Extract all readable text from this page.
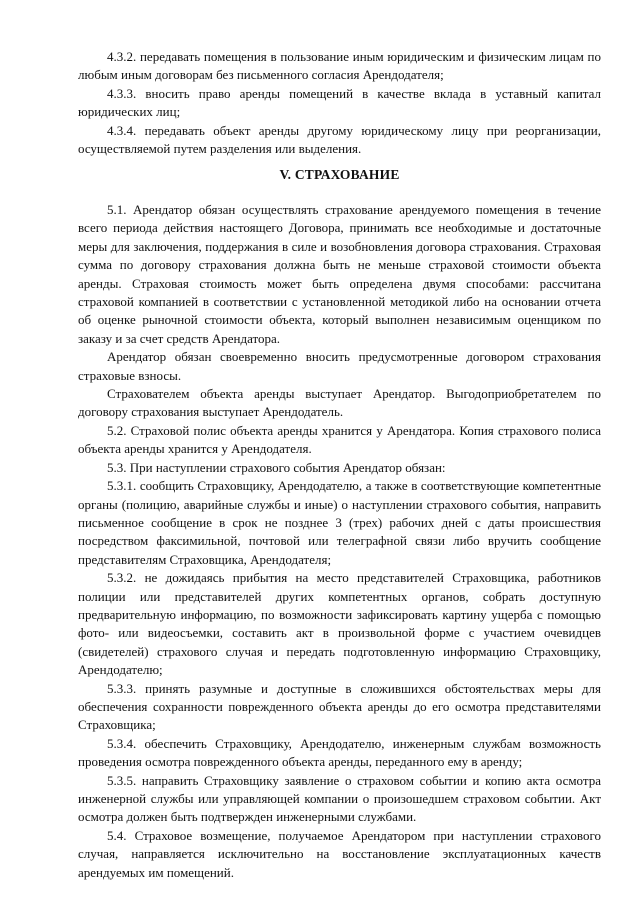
4.3.2. передавать помещения в пользование иным юридическим и физическим лицам по любым иным договорам без письменного согласия Арендодателя;

4.3.3. вносить право аренды помещений в качестве вклада в уставный капитал юридических лиц;

4.3.4. передавать объект аренды другому юридическому лицу при реорганизации, осуществляемой путем разделения или выделения.

V. СТРАХОВАНИЕ

5.1. Арендатор обязан осуществлять страхование арендуемого помещения в течение всего периода действия настоящего Договора, принимать все необходимые и достаточные меры для заключения, поддержания в силе и возобновления договора страхования. Страховая сумма по договору страхования должна быть не меньше страховой стоимости объекта аренды. Страховая стоимость может быть определена двумя способами: рассчитана страховой компанией в соответствии с установленной методикой либо на основании отчета об оценке рыночной стоимости объекта, который выполнен независимым оценщиком по заказу и за счет средств Арендатора.

Арендатор обязан своевременно вносить предусмотренные договором страхования страховые взносы.

Страхователем объекта аренды выступает Арендатор. Выгодоприобретателем по договору страхования выступает Арендодатель.

5.2. Страховой полис объекта аренды хранится у Арендатора. Копия страхового полиса объекта аренды хранится у Арендодателя.

5.3. При наступлении страхового события Арендатор обязан:

5.3.1. сообщить Страховщику, Арендодателю, а также в соответствующие компетентные органы (полицию, аварийные службы и иные) о наступлении страхового события, направить письменное сообщение в срок не позднее 3 (трех) рабочих дней с даты происшествия посредством факсимильной, почтовой или телеграфной связи либо вручить сообщение представителям Страховщика, Арендодателя;

5.3.2. не дожидаясь прибытия на место представителей Страховщика, работников полиции или представителей других компетентных органов, собрать доступную предварительную информацию, по возможности зафиксировать картину ущерба с помощью фото- или видеосъемки, составить акт в произвольной форме с участием очевидцев (свидетелей) страхового случая и передать подготовленную информацию Страховщику, Арендодателю;

5.3.3. принять разумные и доступные в сложившихся обстоятельствах меры для обеспечения сохранности поврежденного объекта аренды до его осмотра представителями Страховщика;

5.3.4. обеспечить Страховщику, Арендодателю, инженерным службам возможность проведения осмотра поврежденного объекта аренды, переданного ему в аренду;

5.3.5. направить Страховщику заявление о страховом событии и копию акта осмотра инженерной службы или управляющей компании о произошедшем страховом событии. Акт осмотра должен быть подтвержден инженерными службами.

5.4. Страховое возмещение, получаемое Арендатором при наступлении страхового случая, направляется исключительно на восстановление эксплуатационных качеств арендуемых им помещений.
